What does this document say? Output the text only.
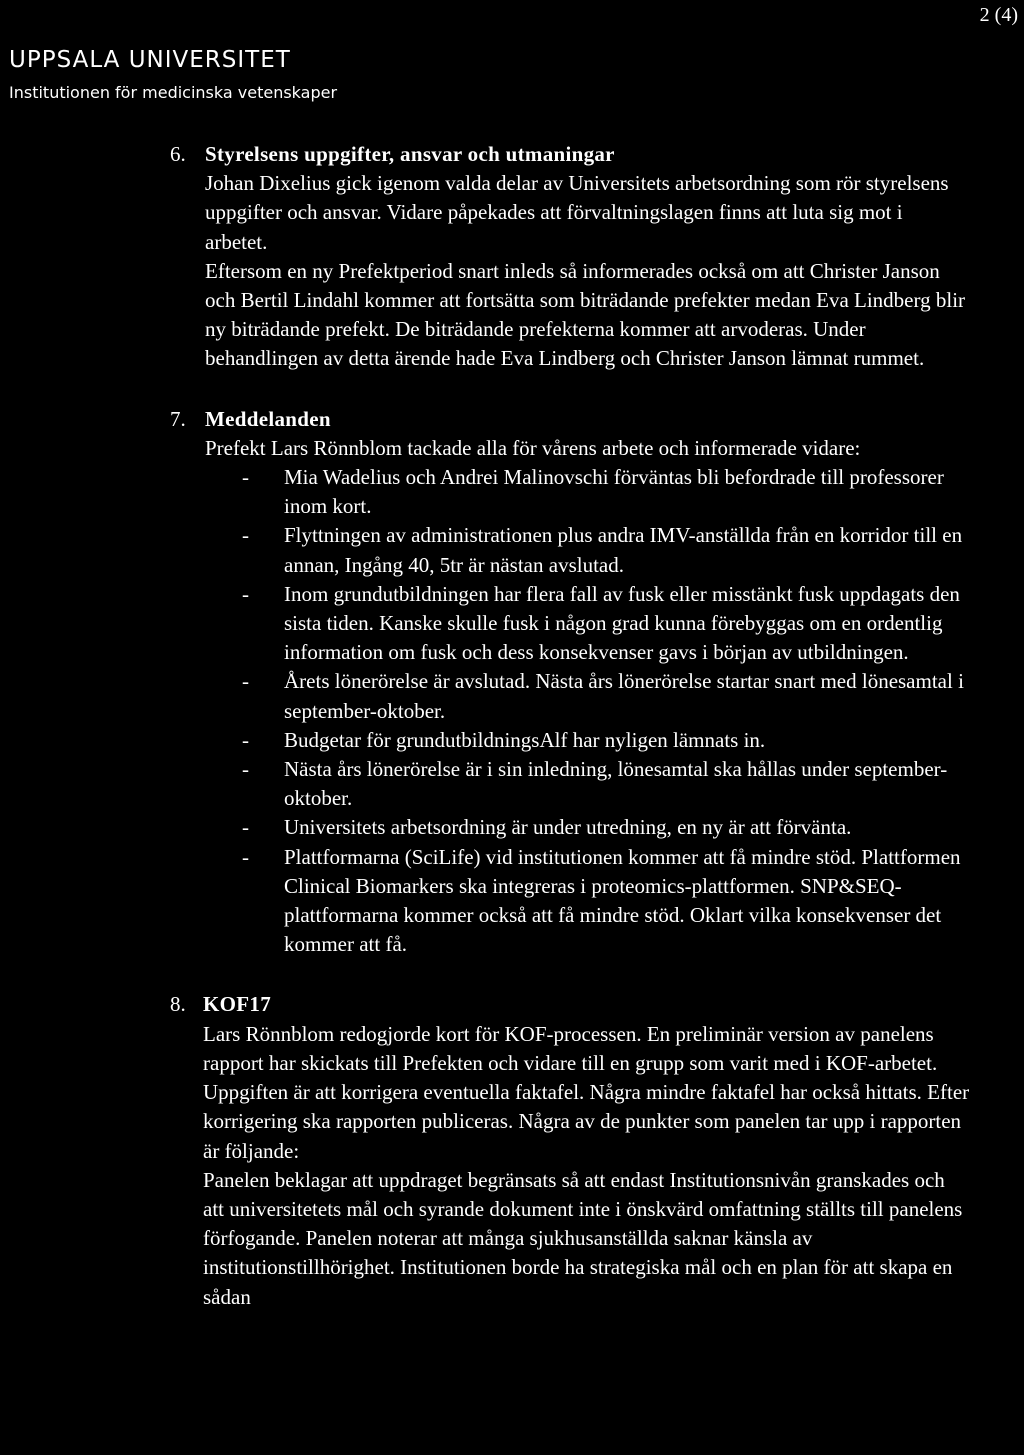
2 (4)
UPPSALA UNIVERSITET
Institutionen för medicinska vetenskaper
6. Styrelsens uppgifter, ansvar och utmaningar

Johan Dixelius gick igenom valda delar av Universitets arbetsordning som rör styrelsens uppgifter och ansvar. Vidare påpekades att förvaltningslagen finns att luta sig mot i arbetet.

Eftersom en ny Prefektperiod snart inleds så informerades också om att Christer Janson och Bertil Lindahl kommer att fortsätta som biträdande prefekter medan Eva Lindberg blir ny biträdande prefekt. De biträdande prefekterna kommer att arvoderas. Under behandlingen av detta ärende hade Eva Lindberg och Christer Janson lämnat rummet.

7. Meddelanden

Prefekt Lars Rönnblom tackade alla för vårens arbete och informerade vidare:

- Mia Wadelius och Andrei Malinovschi förväntas bli befordrade till professorer inom kort.
- Flyttningen av administrationen plus andra IMV-anställda från en korridor till en annan, Ingång 40, 5tr är nästan avslutad.
- Inom grundutbildningen har flera fall av fusk eller misstänkt fusk uppdagats den sista tiden. Kanske skulle fusk i någon grad kunna förebyggas om en ordentlig information om fusk och dess konsekvenser gavs i början av utbildningen.
- Årets lönerörelse är avslutad. Nästa års lönerörelse startar snart med lönesamtal i september-oktober.
- Budgetar för grundutbildningsAlf har nyligen lämnats in.
- Nästa års lönerörelse är i sin inledning, lönesamtal ska hållas under september-oktober.
- Universitets arbetsordning är under utredning, en ny är att förvänta.
- Plattformarna (SciLife) vid institutionen kommer att få mindre stöd. Plattformen Clinical Biomarkers ska integreras i proteomics-plattformen. SNP&SEQ-plattformarna kommer också att få mindre stöd. Oklart vilka konsekvenser det kommer att få.
8. KOF17

Lars Rönnblom redogjorde kort för KOF-processen. En preliminär version av panelens rapport har skickats till Prefekten och vidare till en grupp som varit med i KOF-arbetet. Uppgiften är att korrigera eventuella faktafel. Några mindre faktafel har också hittats. Efter korrigering ska rapporten publiceras. Några av de punkter som panelen tar upp i rapporten är följande:

Panelen beklagar att uppdraget begränsats så att endast Institutionsnivån granskades och att universitetets mål och syrande dokument inte i önskvärd omfattning ställts till panelens förfogande. Panelen noterar att många sjukhusanställda saknar känsla av institutionstillhörighet. Institutionen borde ha strategiska mål och en plan för att skapa en sådan
